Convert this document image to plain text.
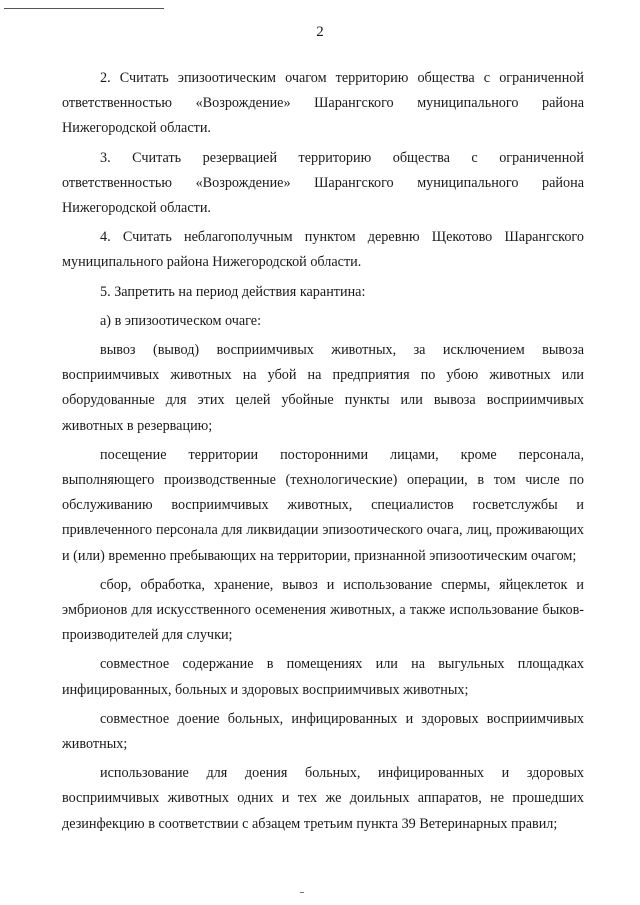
2

2. Считать эпизоотическим очагом территорию общества с ограниченной ответственностью «Возрождение» Шарангского муниципального района Нижегородской области.

3. Считать резервацией территорию общества с ограниченной ответственностью «Возрождение» Шарангского муниципального района Нижегородской области.

4. Считать неблагополучным пунктом деревню Щекотово Шарангского муниципального района Нижегородской области.

5. Запретить на период действия карантина:

а) в эпизоотическом очаге:

вывоз (вывод) восприимчивых животных, за исключением вывоза восприимчивых животных на убой на предприятия по убою животных или оборудованные для этих целей убойные пункты или вывоза восприимчивых животных в резервацию;

посещение территории посторонними лицами, кроме персонала, выполняющего производственные (технологические) операции, в том числе по обслуживанию восприимчивых животных, специалистов госветслужбы и привлеченного персонала для ликвидации эпизоотического очага, лиц, проживающих и (или) временно пребывающих на территории, признанной эпизоотическим очагом;

сбор, обработка, хранение, вывоз и использование спермы, яйцеклеток и эмбрионов для искусственного осеменения животных, а также использование быков-производителей для случки;

совместное содержание в помещениях или на выгульных площадках инфицированных, больных и здоровых восприимчивых животных;

совместное доение больных, инфицированных и здоровых восприимчивых животных;

использование для доения больных, инфицированных и здоровых восприимчивых животных одних и тех же доильных аппаратов, не прошедших дезинфекцию в соответствии с абзацем третьим пункта 39 Ветеринарных правил;
